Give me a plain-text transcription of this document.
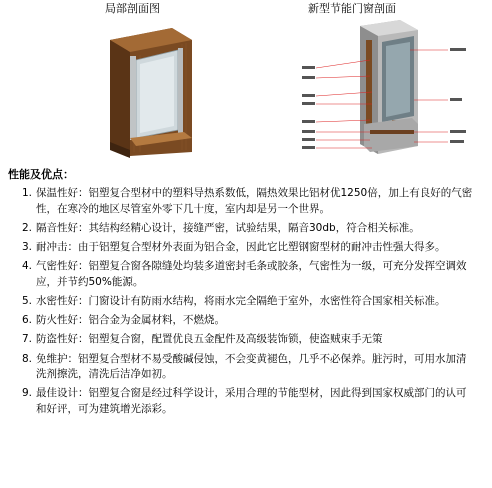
局部剖面图	新型节能门窗剖面
性能及优点：
1. 保温性好：铝塑复合型材中的塑料导热系数低，隔热效果比铝材优1250倍，加上有良好的气密性，在寒冷的地区尽管室外零下几十度，室内却是另一个世界。
2. 隔音性好：其结构经精心设计，接缝严密，试验结果，隔音30db，符合相关标准。
3. 耐冲击：由于铝塑复合型材外表面为铝合金，因此它比塑钢窗型材的耐冲击性强大得多。
4. 气密性好：铝塑复合窗各隙缝处均装多道密封毛条或胶条，气密性为一级，可充分发挥空调效应，并节约50%能源。
5. 水密性好：门窗设计有防雨水结构，将雨水完全隔绝于室外，水密性符合国家相关标准。
6. 防火性好：铝合金为金属材料，不燃烧。
7. 防盗性好：铝塑复合窗，配置优良五金配件及高级装饰锁，使盗贼束手无策
8. 免维护：铝塑复合型材不易受酸碱侵蚀，不会变黄褪色，几乎不必保养。脏污时，可用水加清洗剂擦洗，清洗后洁净如初。
9. 最佳设计：铝塑复合窗是经过科学设计，采用合理的节能型材，因此得到国家权威部门的认可和好评，可为建筑增光添彩。
